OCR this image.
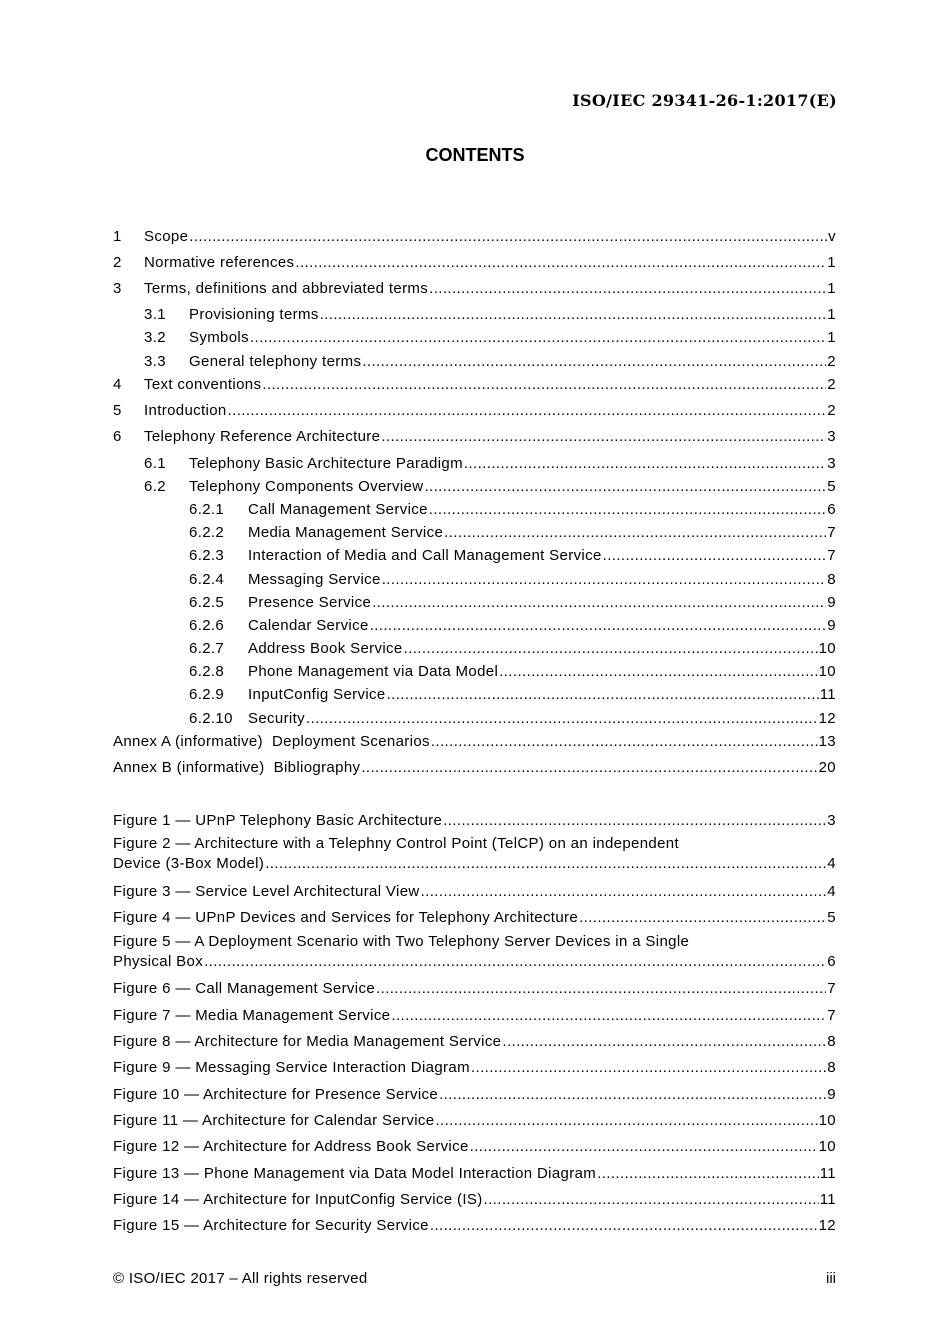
ISO/IEC 29341-26-1:2017(E)
CONTENTS
1	Scope .....	v
2	Normative references .....	1
3	Terms, definitions and abbreviated terms .....	1
3.1	Provisioning terms .....	1
3.2	Symbols .....	1
3.3	General telephony terms .....	2
4	Text conventions .....	2
5	Introduction .....	2
6	Telephony Reference Architecture .....	3
6.1	Telephony Basic Architecture Paradigm .....	3
6.2	Telephony Components Overview .....	5
6.2.1	Call Management Service .....	6
6.2.2	Media Management Service .....	7
6.2.3	Interaction of Media and Call Management Service .....	7
6.2.4	Messaging Service .....	8
6.2.5	Presence Service .....	9
6.2.6	Calendar Service .....	9
6.2.7	Address Book Service .....	10
6.2.8	Phone Management via Data Model .....	10
6.2.9	InputConfig Service .....	11
6.2.10	Security .....	12
Annex A (informative)  Deployment Scenarios .....	13
Annex B (informative)  Bibliography .....	20
Figure 1 — UPnP Telephony Basic Architecture .....	3
Figure 2 — Architecture with a Telephny Control Point (TelCP) on an independent
Device (3-Box Model) .....	4
Figure 3 — Service Level Architectural View .....	4
Figure 4 — UPnP Devices and Services for Telephony Architecture .....	5
Figure 5 — A Deployment Scenario with Two Telephony Server Devices in a Single
Physical Box .....	6
Figure 6 — Call Management Service .....	7
Figure 7 — Media Management Service .....	7
Figure 8 — Architecture for Media Management Service .....	8
Figure 9 — Messaging Service Interaction Diagram .....	8
Figure 10 — Architecture for Presence Service .....	9
Figure 11 — Architecture for Calendar Service .....	10
Figure 12 — Architecture for Address Book Service .....	10
Figure 13 — Phone Management via Data Model Interaction Diagram .....	11
Figure 14 — Architecture for InputConfig Service (IS) .....	11
Figure 15 — Architecture for Security Service .....	12
© ISO/IEC 2017 – All rights reserved	iii
